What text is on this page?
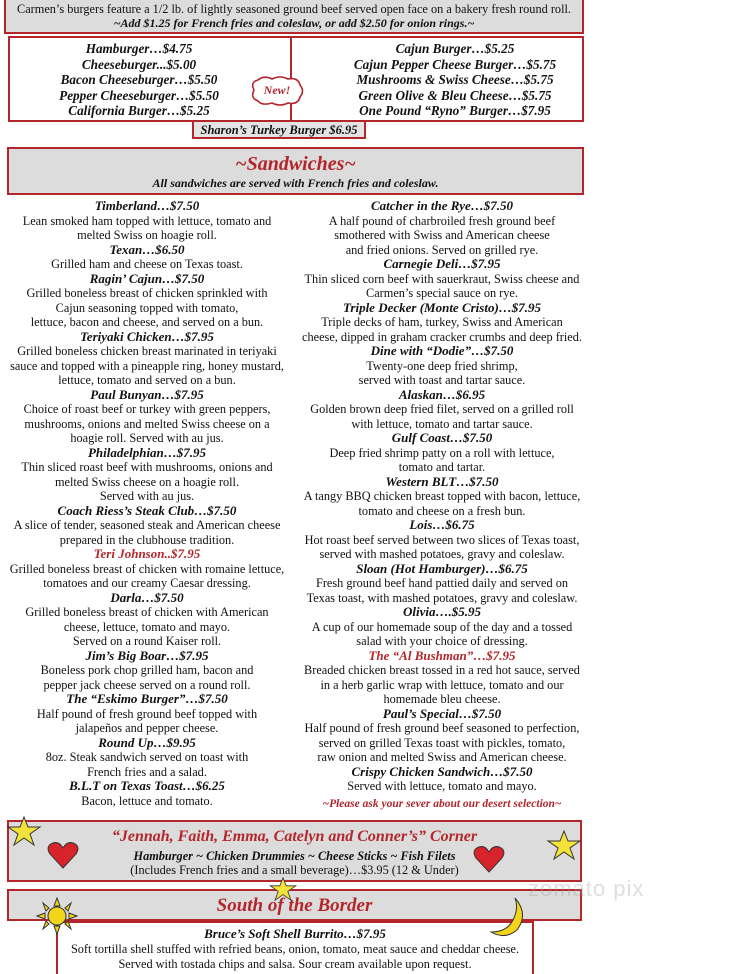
Carmen’s burgers feature a 1/2 lb. of lightly seasoned ground beef served open face on a bakery fresh round roll.
~Add $1.25 for French fries and coleslaw, or add $2.50 for onion rings.~
Hamburger…$4.75
Cheeseburger...$5.00
Bacon Cheeseburger…$5.50
Pepper Cheeseburger…$5.50
California Burger…$5.25
Cajun Burger…$5.25
Cajun Pepper Cheese Burger…$5.75
Mushrooms & Swiss Cheese…$5.75
Green Olive & Bleu Cheese…$5.75
One Pound “Ryno” Burger…$7.95
New!
Sharon’s Turkey Burger $6.95
~Sandwiches~
All sandwiches are served with French fries and coleslaw.
Timberland…$7.50
Lean smoked ham topped with lettuce, tomato and
melted Swiss on hoagie roll.
Texan…$6.50
Grilled ham and cheese on Texas toast.
Ragin’ Cajun…$7.50
Grilled boneless breast of chicken sprinkled with
Cajun seasoning topped with tomato,
lettuce, bacon and cheese, and served on a bun.
Teriyaki Chicken…$7.95
Grilled boneless chicken breast marinated in teriyaki
sauce and topped with a pineapple ring, honey mustard,
lettuce, tomato and served on a bun.
Paul Bunyan…$7.95
Choice of roast beef or turkey with green peppers,
mushrooms, onions and melted Swiss cheese on a
hoagie roll. Served with au jus.
Philadelphian…$7.95
Thin sliced roast beef with mushrooms, onions and
melted Swiss cheese on a hoagie roll.
Served with au jus.
Coach Riess’s Steak Club…$7.50
A slice of tender, seasoned steak and American cheese
prepared in the clubhouse tradition.
Teri Johnson..$7.95
Grilled boneless breast of chicken with romaine lettuce,
tomatoes and our creamy Caesar dressing.
Darla…$7.50
Grilled boneless breast of chicken with American
cheese, lettuce, tomato and mayo.
Served on a round Kaiser roll.
Jim’s Big Boar…$7.95
Boneless pork chop grilled ham, bacon and
pepper jack cheese served on a round roll.
The “Eskimo Burger”…$7.50
Half pound of fresh ground beef topped with
jalapeños and pepper cheese.
Round Up…$9.95
8oz. Steak sandwich served on toast with
French fries and a salad.
B.L.T on Texas Toast…$6.25
Bacon, lettuce and tomato.
Catcher in the Rye…$7.50
A half pound of charbroiled fresh ground beef
smothered with Swiss and American cheese
and fried onions. Served on grilled rye.
Carnegie Deli…$7.95
Thin sliced corn beef with sauerkraut, Swiss cheese and
Carmen’s special sauce on rye.
Triple Decker (Monte Cristo)…$7.95
Triple decks of ham, turkey, Swiss and American
cheese, dipped in graham cracker crumbs and deep fried.
Dine with “Dodie”…$7.50
Twenty-one deep fried shrimp,
served with toast and tartar sauce.
Alaskan…$6.95
Golden brown deep fried filet, served on a grilled roll
with lettuce, tomato and tartar sauce.
Gulf Coast…$7.50
Deep fried shrimp patty on a roll with lettuce,
tomato and tartar.
Western BLT…$7.50
A tangy BBQ chicken breast topped with bacon, lettuce,
tomato and cheese on a fresh bun.
Lois…$6.75
Hot roast beef served between two slices of Texas toast,
served with mashed potatoes, gravy and coleslaw.
Sloan (Hot Hamburger)…$6.75
Fresh ground beef hand pattied daily and served on
Texas toast, with mashed potatoes, gravy and coleslaw.
Olivia….$5.95
A cup of our homemade soup of the day and a tossed
salad with your choice of dressing.
The “Al Bushman”…$7.95
Breaded chicken breast tossed in a red hot sauce, served
in a herb garlic wrap with lettuce, tomato and our
homemade bleu cheese.
Paul’s Special…$7.50
Half pound of fresh ground beef seasoned to perfection,
served on grilled Texas toast with pickles, tomato,
raw onion and melted Swiss and American cheese.
Crispy Chicken Sandwich…$7.50
Served with lettuce, tomato and mayo.
~Please ask your sever about our desert selection~
“Jennah, Faith, Emma, Catelyn and Conner’s” Corner
Hamburger ~ Chicken Drummies ~ Cheese Sticks ~ Fish Filets
(Includes French fries and a small beverage)…$3.95 (12 & Under)
South of the Border
Bruce’s Soft Shell Burrito…$7.95
Soft tortilla shell stuffed with refried beans, onion, tomato, meat sauce and cheddar cheese.
Served with tostada chips and salsa. Sour cream available upon request.
zomato pix
